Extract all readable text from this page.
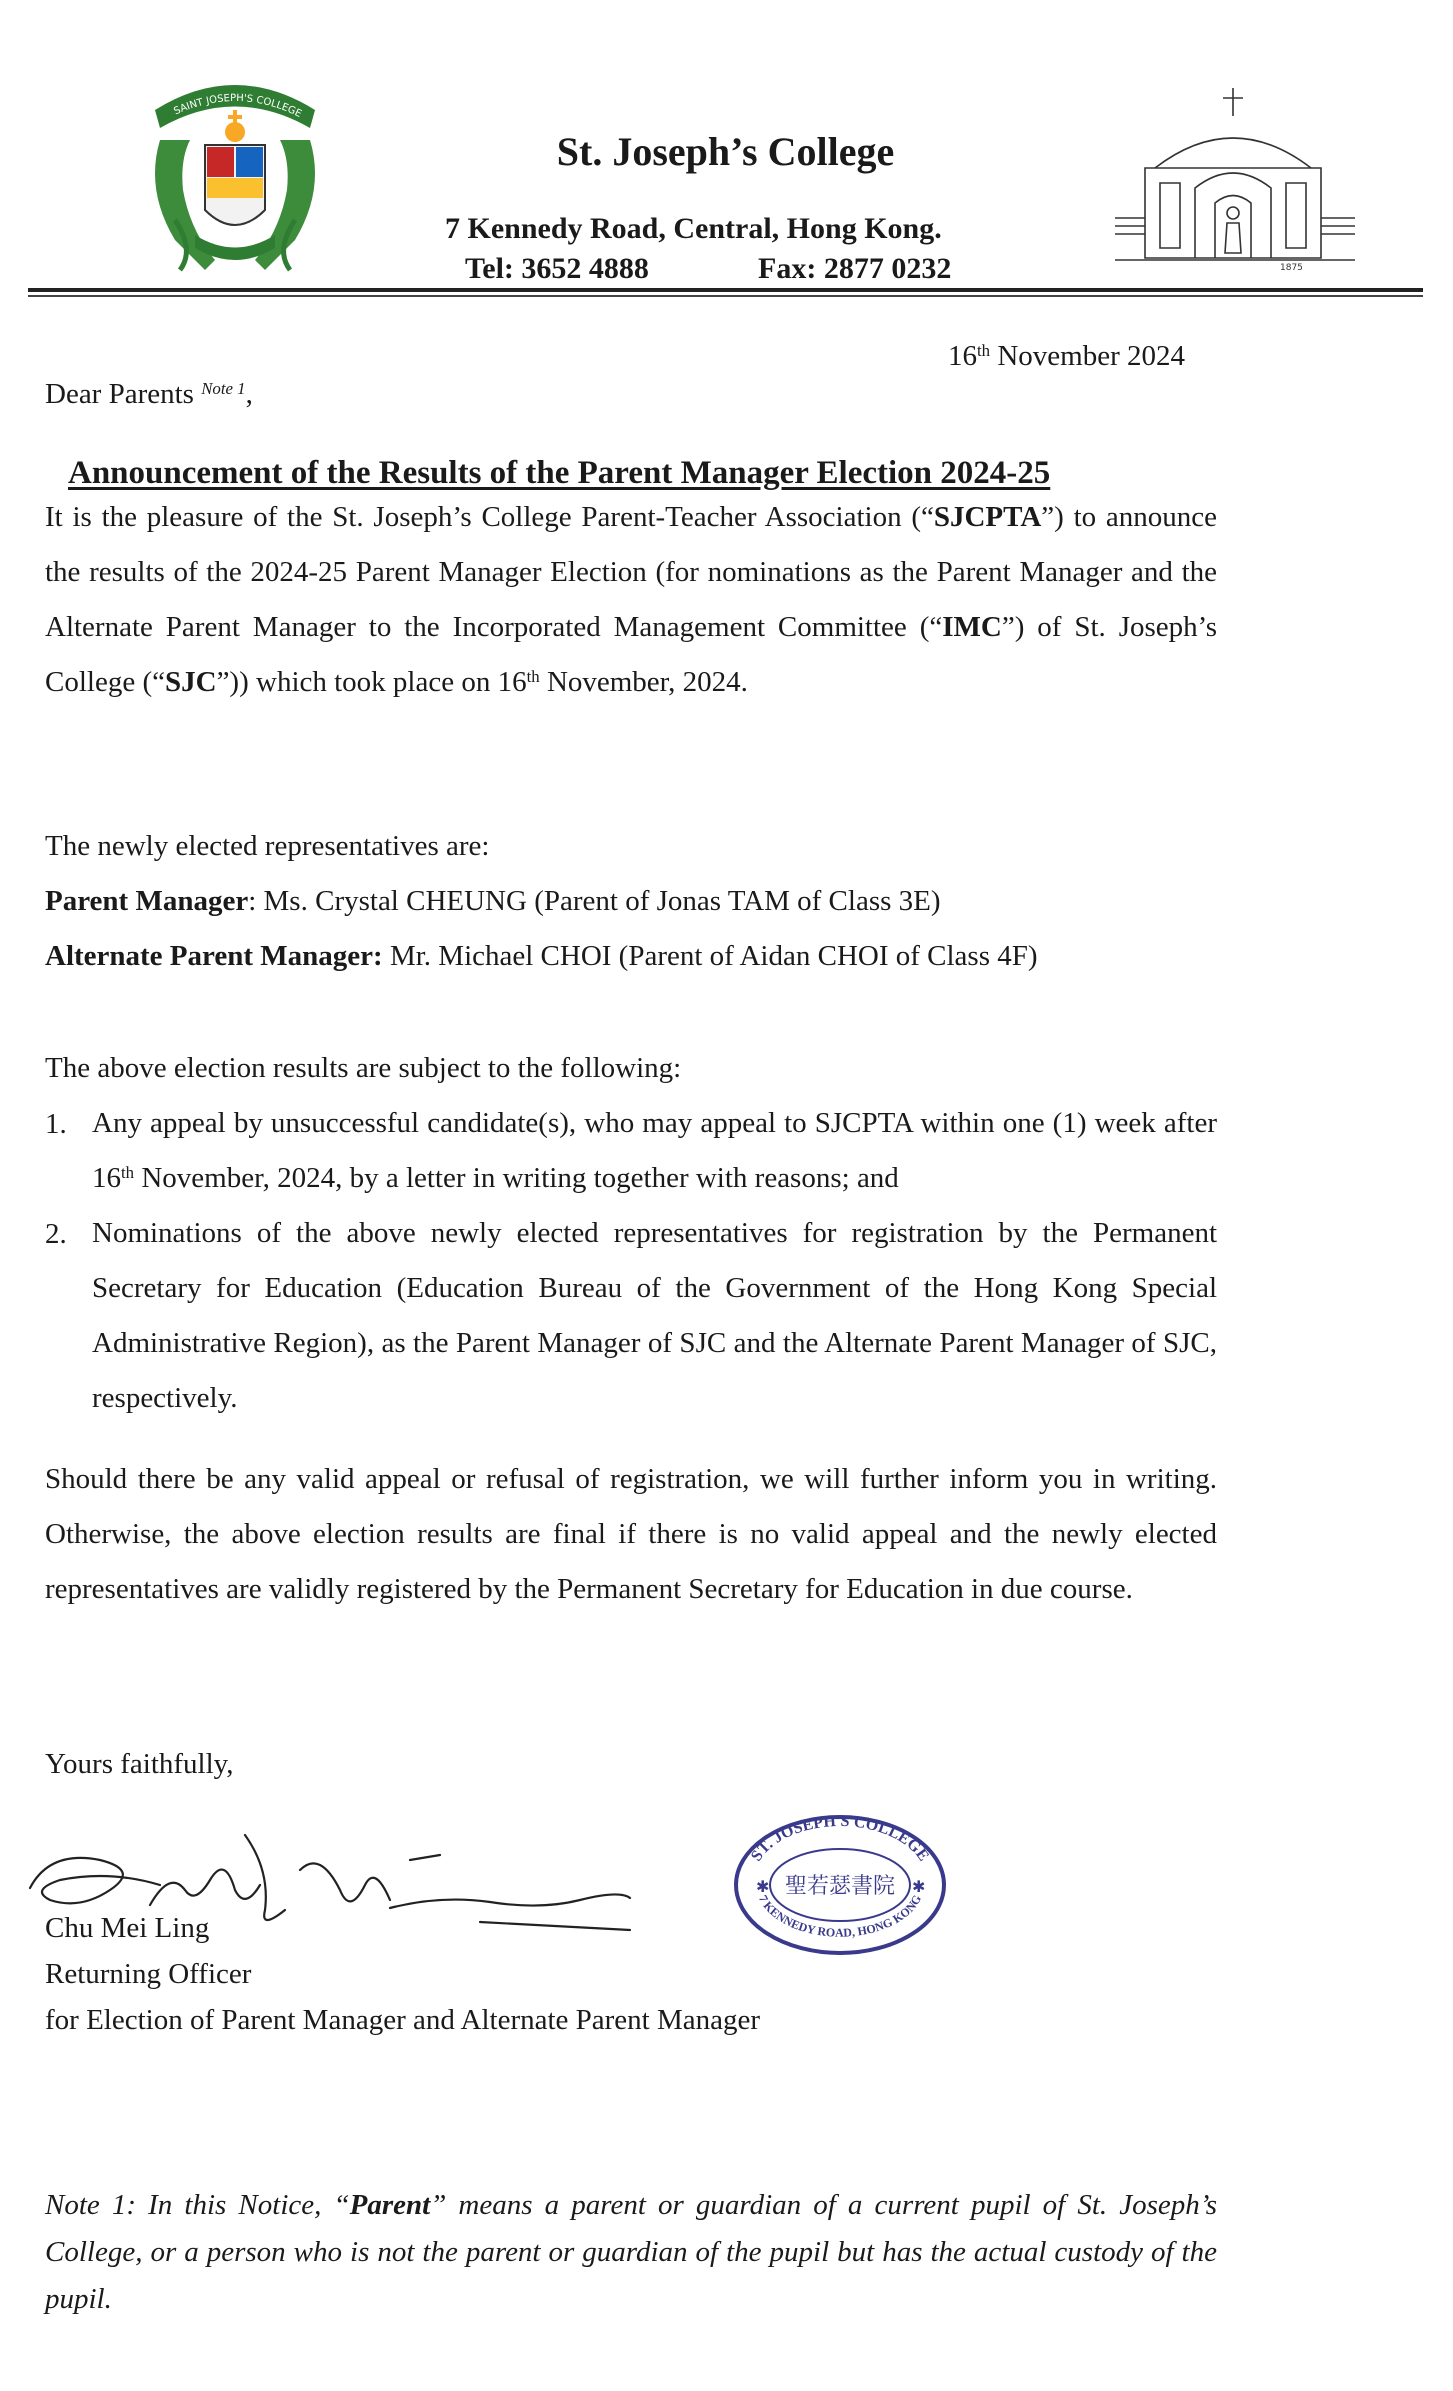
SAINT JOSEPH'S COLLEGE
St. Joseph’s College
7 Kennedy Road, Central, Hong Kong.
Tel: 3652 4888	Fax: 2877 0232	1875
16th November 2024
Dear Parents $^{Note 1}$,
Announcement of the Results of the Parent Manager Election 2024-25
It is the pleasure of the St. Joseph’s College Parent-Teacher Association (“SJCPTA”) to announce the results of the 2024-25 Parent Manager Election (for nominations as the Parent Manager and the Alternate Parent Manager to the Incorporated Management Committee (“IMC”) of St. Joseph’s College (“SJC”)) which took place on 16th November, 2024.
The newly elected representatives are:
Parent Manager: Ms. Crystal CHEUNG (Parent of Jonas TAM of Class 3E)
Alternate Parent Manager: Mr. Michael CHOI (Parent of Aidan CHOI of Class 4F)
The above election results are subject to the following:
1. Any appeal by unsuccessful candidate(s), who may appeal to SJCPTA within one (1) week after 16th November, 2024, by a letter in writing together with reasons; and
2. Nominations of the above newly elected representatives for registration by the Permanent Secretary for Education (Education Bureau of the Government of the Hong Kong Special Administrative Region), as the Parent Manager of SJC and the Alternate Parent Manager of SJC, respectively.
Should there be any valid appeal or refusal of registration, we will further inform you in writing. Otherwise, the above election results are final if there is no valid appeal and the newly elected representatives are validly registered by the Permanent Secretary for Education in due course.
Yours faithfully,
ST. JOSEPH'S COLLEGE
7 KENNEDY ROAD, HONG KONG
聖若瑟書院
✱	✱
Chu Mei Ling
Returning Officer
for Election of Parent Manager and Alternate Parent Manager
Note 1: In this Notice, “Parent” means a parent or guardian of a current pupil of St. Joseph’s College, or a person who is not the parent or guardian of the pupil but has the actual custody of the pupil.
